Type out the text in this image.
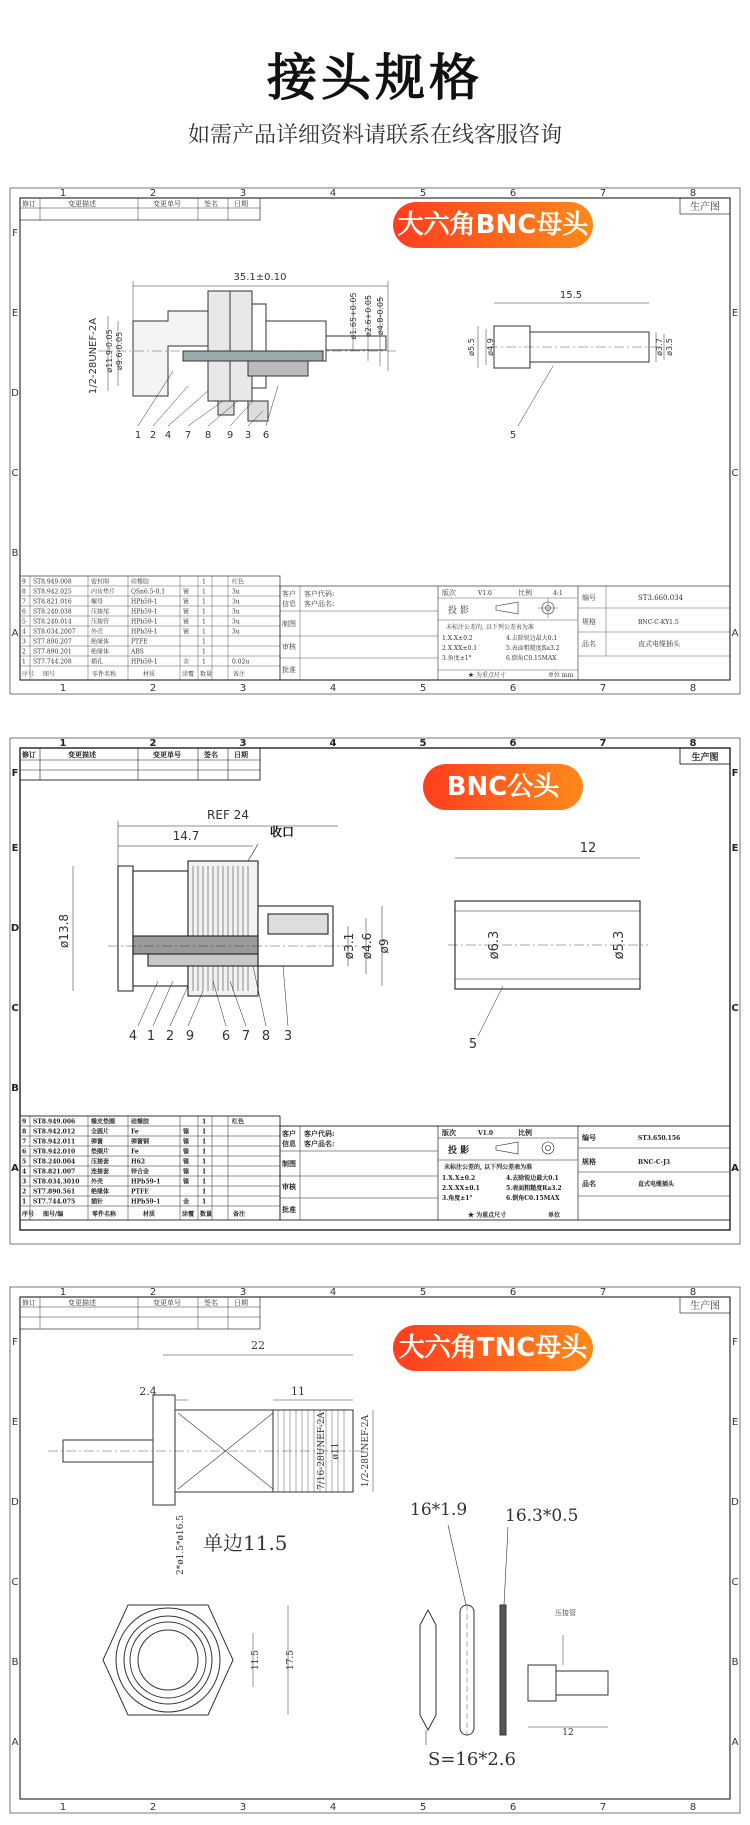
接头规格
如需产品详细资料请联系在线客服咨询
1	2	3	4	5	6	7	8
1	2	3	4	5	6	7	8
F
E
D
C
B
A
E
C
A
修订	变更描述	变更单号	签名 日期	生产图
35.1±0.10
1/2-28UNEF-2A ø11.9-0.05 ø9.6-0.05
ø1.65+0.05 ø2.6+0.05 ø4.8-0.05
1 2 4 7 8 9 3 6
15.5
ø5.5 ø4.9	ø3.7 ø3.5
5
9 ST8.949.008	密封圈	硅橡胶	1	红色
8 ST8.942.025	内齿垫片	QSn6.5-0.1	镀 1	3u
7 ST8.821.016	螺母	HPb59-1	镀 1	3u
6 ST8.240.038	压接尾	HPb59-1	镀 1	3u
5 ST8.240.014	压接管	HPb59-1	镀 1	3u
4 ST8.034.2007	外壳	HPb59-1	镀 1	3u
3 ST7.890.207	绝缘体	PTFE	1
2 ST7.890.201	绝缘体	ABS	1
1 ST7.744.208	插孔	HPb59-1	金 1	0.02u
序号 图号	零件名称	材质	涂覆 数量	备注
客户
信息
客户代码:
客户品名:
制图
审核
批准
版次	V1.0	比例	4:1
投 影
未标注公差的, 以下列公差表为准
1.X.X±0.2
2.X.XX±0.1
3.角度±1°
4.去除锐边最大0.1
5.表面粗糙度Ra3.2
6.倒角C0.15MAX
★ 为重点尺寸	单位 mm
编号	ST3.660.034
规格	BNC-C-KY1.5
品名	直式电缆插头
大六角BNC母头
1	2	3	4	5	6	7	8
F
E
D
C
B
A
F
E
C
A
修订	变更描述	变更单号	签名 日期	生产图
REF 24
14.7	收口
ø13.8	ø3.1 ø4.6 ø9
4 1 2 9 6 7 8 3
12
ø6.3	ø5.3
5
9 ST8.949.006	橡皮垫圈	硅橡胶	1	红色
8 ST8.942.012	全圆片	Fe	镍 1
7 ST8.942.011	弹簧	弹簧钢	镍 1
6 ST8.942.010	垫圈片	Fe	镍 1
5 ST8.240.004	压接套	H62	镍 1
4 ST8.821.007	连接套	锌合金	镍 1
3 ST8.034.3010 外壳	HPb59-1	镍 1
2 ST7.890.561	绝缘体	PTFE	1
1 ST7.744.075	插针	HPb59-1	金 1
序号 图号/编	零件名称	材质	涂覆 数量	备注
客户
信息
客户代码:
客户品名:
制图
审核
批准
版次	V1.0	比例
投 影
未标注公差的, 以下列公差表为准
1.X.X±0.2
2.X.XX±0.1
3.角度±1°
4.去除锐边最大0.1
5.表面粗糙度Ra3.2
6.倒角C0.15MAX
★ 为重点尺寸	单位
编号	ST3.650.156
规格	BNC-C-J3
品名	直式电缆插头
BNC公头
1	2	3	4	5	6	7	8
1	2	3	4	5	6	7	8
F
E
D
C
B
A
F
E
D
C
B
A
修订	变更描述	变更单号	签名 日期	生产图
22
2.4	11
7/16-28UNEF-2A ø11 1/2-28UNEF-2A
2*ø1.5*ø16.5 单边11.5
16*1.9 16.3*0.5
S=16*2.6
11.5	17.5
12
压接管
大六角TNC母头
